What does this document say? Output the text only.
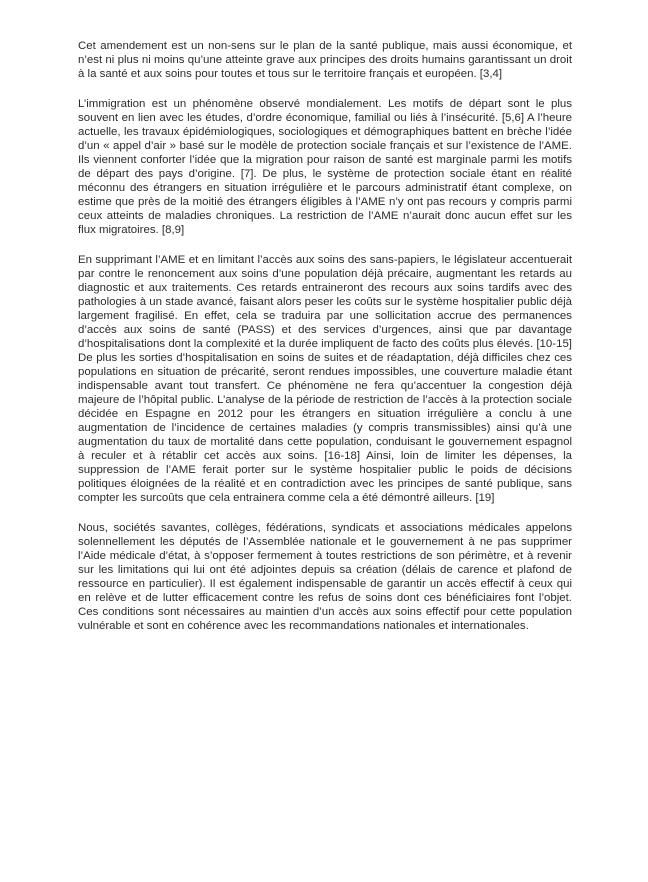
Cet amendement est un non-sens sur le plan de la santé publique, mais aussi économique, et n’est ni plus ni moins qu’une atteinte grave aux principes des droits humains garantissant un droit à la santé et aux soins pour toutes et tous sur le territoire français et européen. [3,4]

L’immigration est un phénomène observé mondialement. Les motifs de départ sont le plus souvent en lien avec les études, d’ordre économique, familial ou liés à l’insécurité. [5,6] A l’heure actuelle, les travaux épidémiologiques, sociologiques et démographiques battent en brèche l’idée d’un « appel d’air » basé sur le modèle de protection sociale français et sur l’existence de l’AME. Ils viennent conforter l’idée que la migration pour raison de santé est marginale parmi les motifs de départ des pays d’origine. [7]. De plus, le système de protection sociale étant en réalité méconnu des étrangers en situation irrégulière et le parcours administratif étant complexe, on estime que près de la moitié des étrangers éligibles à l’AME n’y ont pas recours y compris parmi ceux atteints de maladies chroniques. La restriction de l’AME n’aurait donc aucun effet sur les flux migratoires. [8,9]

En supprimant l’AME et en limitant l’accès aux soins des sans-papiers, le législateur accentuerait par contre le renoncement aux soins d’une population déjà précaire, augmentant les retards au diagnostic et aux traitements. Ces retards entraineront des recours aux soins tardifs avec des pathologies à un stade avancé, faisant alors peser les coûts sur le système hospitalier public déjà largement fragilisé. En effet, cela se traduira par une sollicitation accrue des permanences d’accès aux soins de santé (PASS) et des services d’urgences, ainsi que par davantage d’hospitalisations dont la complexité et la durée impliquent de facto des coûts plus élevés. [10-15] De plus les sorties d’hospitalisation en soins de suites et de réadaptation, déjà difficiles chez ces populations en situation de précarité, seront rendues impossibles, une couverture maladie étant indispensable avant tout transfert. Ce phénomène ne fera qu’accentuer la congestion déjà majeure de l’hôpital public. L’analyse de la période de restriction de l’accès à la protection sociale décidée en Espagne en 2012 pour les étrangers en situation irrégulière a conclu à une augmentation de l’incidence de certaines maladies (y compris transmissibles) ainsi qu’à une augmentation du taux de mortalité dans cette population, conduisant le gouvernement espagnol à reculer et à rétablir cet accès aux soins. [16-18] Ainsi, loin de limiter les dépenses, la suppression de l’AME ferait porter sur le système hospitalier public le poids de décisions politiques éloignées de la réalité et en contradiction avec les principes de santé publique, sans compter les surcoûts que cela entrainera comme cela a été démontré ailleurs. [19]

Nous, sociétés savantes, collèges, fédérations, syndicats et associations médicales appelons solennellement les députés de l’Assemblée nationale et le gouvernement à ne pas supprimer l’Aide médicale d’état, à s’opposer fermement à toutes restrictions de son périmètre, et à revenir sur les limitations qui lui ont été adjointes depuis sa création (délais de carence et plafond de ressource en particulier). Il est également indispensable de garantir un accès effectif à ceux qui en relève et de lutter efficacement contre les refus de soins dont ces bénéficiaires font l’objet. Ces conditions sont nécessaires au maintien d’un accès aux soins effectif pour cette population vulnérable et sont en cohérence avec les recommandations nationales et internationales.
